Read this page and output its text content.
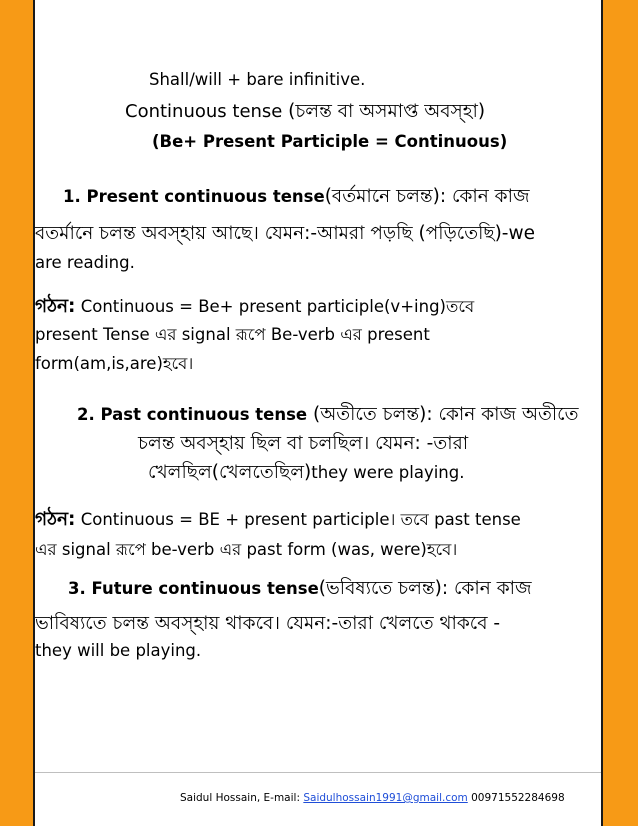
Shall/will + bare infinitive.
Continuous tense (চলন্ত বা অসমাপ্ত অবস্হা)
(Be+ Present Participle = Continuous)
1. Present continuous tense(বর্তমানে চলন্ত): কোন কাজ
বতর্মানে চলন্ত অবস্হায় আছে। যেমন:-আমরা পড়ছি (পড়িতেছি)-we
are reading.
গঠন: Continuous = Be+ present participle(v+ing)তবে
present Tense এর signal রূপে Be-verb এর present
form(am,is,are)হবে।
2. Past continuous tense (অতীতে চলন্ত): কোন কাজ অতীতে
চলন্ত অবস্হায় ছিল বা চলছিল। যেমন: -তারা
খেলছিল(খেলতেছিল)they were playing.
গঠন: Continuous = BE + present participle। তবে past tense
এর signal রূপে be-verb এর past form (was, were)হবে।
3. Future continuous tense(ভবিষ্যতে চলন্ত): কোন কাজ
ভাবিষ্যতে চলন্ত অবস্হায় থাকবে। যেমন:-তারা খেলতে থাকবে -
they will be playing.
Saidul Hossain, E-mail: Saidulhossain1991@gmail.com 00971552284698
